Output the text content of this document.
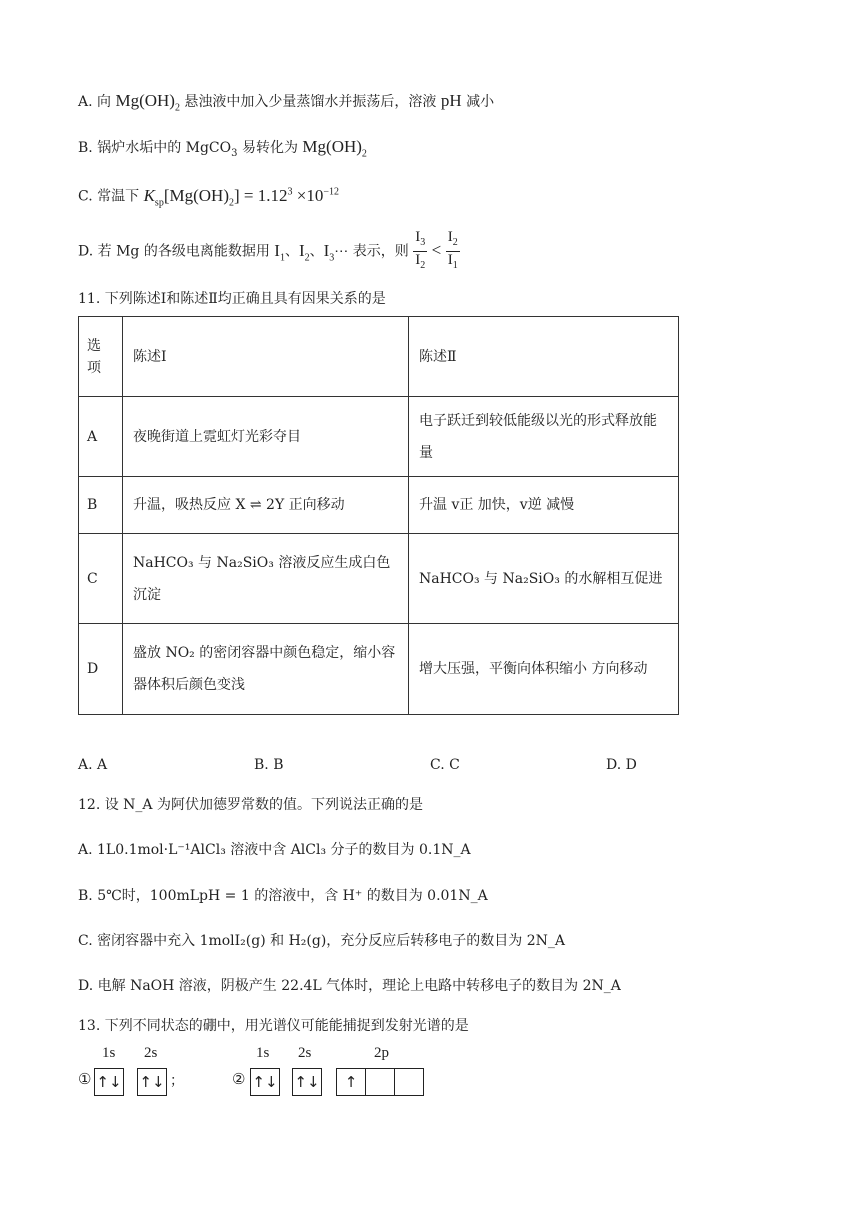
A. 向 $Mg(OH)_2$ 悬浊液中加入少量蒸馏水并振荡后，溶液 pH 减小
B. 锅炉水垢中的 MgCO$_3$ 易转化为 $Mg(OH)_2$
C. 常温下 $K_{sp}[Mg(OH)_2] = 1.12^3 \times 10^{-12}$
D. 若 Mg 的各级电离能数据用 $I_1$、$I_2$、$I_3\cdots$ 表示，则 $\frac{I_3}{I_2} < \frac{I_2}{I_1}$
11. 下列陈述Ⅰ和陈述Ⅱ均正确且具有因果关系的是
选项	陈述Ⅰ	陈述Ⅱ
A	夜晚街道上霓虹灯光彩夺目	电子跃迁到较低能级以光的形式释放能量
B	升温，吸热反应 X ⇌ 2Y 正向移动	升温 v正 加快，v逆 减慢
C	NaHCO₃ 与 Na₂SiO₃ 溶液反应生成白色沉淀	NaHCO₃ 与 Na₂SiO₃ 的水解相互促进
D	盛放 NO₂ 的密闭容器中颜色稳定，缩小容器体积后颜色变浅	增大压强，平衡向体积缩小 方向移动
A. A	B. B	C. C	D. D
12. 设 N_A 为阿伏加德罗常数的值。下列说法正确的是
A. 1L0.1mol·L⁻¹AlCl₃ 溶液中含 AlCl₃ 分子的数目为 0.1N_A
B. 5℃时，100mLpH = 1 的溶液中，含 H⁺ 的数目为 0.01N_A
C. 密闭容器中充入 1molI₂(g) 和 H₂(g)，充分反应后转移电子的数目为 2N_A
D. 电解 NaOH 溶液，阴极产生 22.4L 气体时，理论上电路中转移电子的数目为 2N_A
13. 下列不同状态的硼中，用光谱仪可能能捕捉到发射光谱的是
①
1s 2s
↑↓ ↑↓ ；	②
1s 2s	2p
↑↓ ↑↓	↑
